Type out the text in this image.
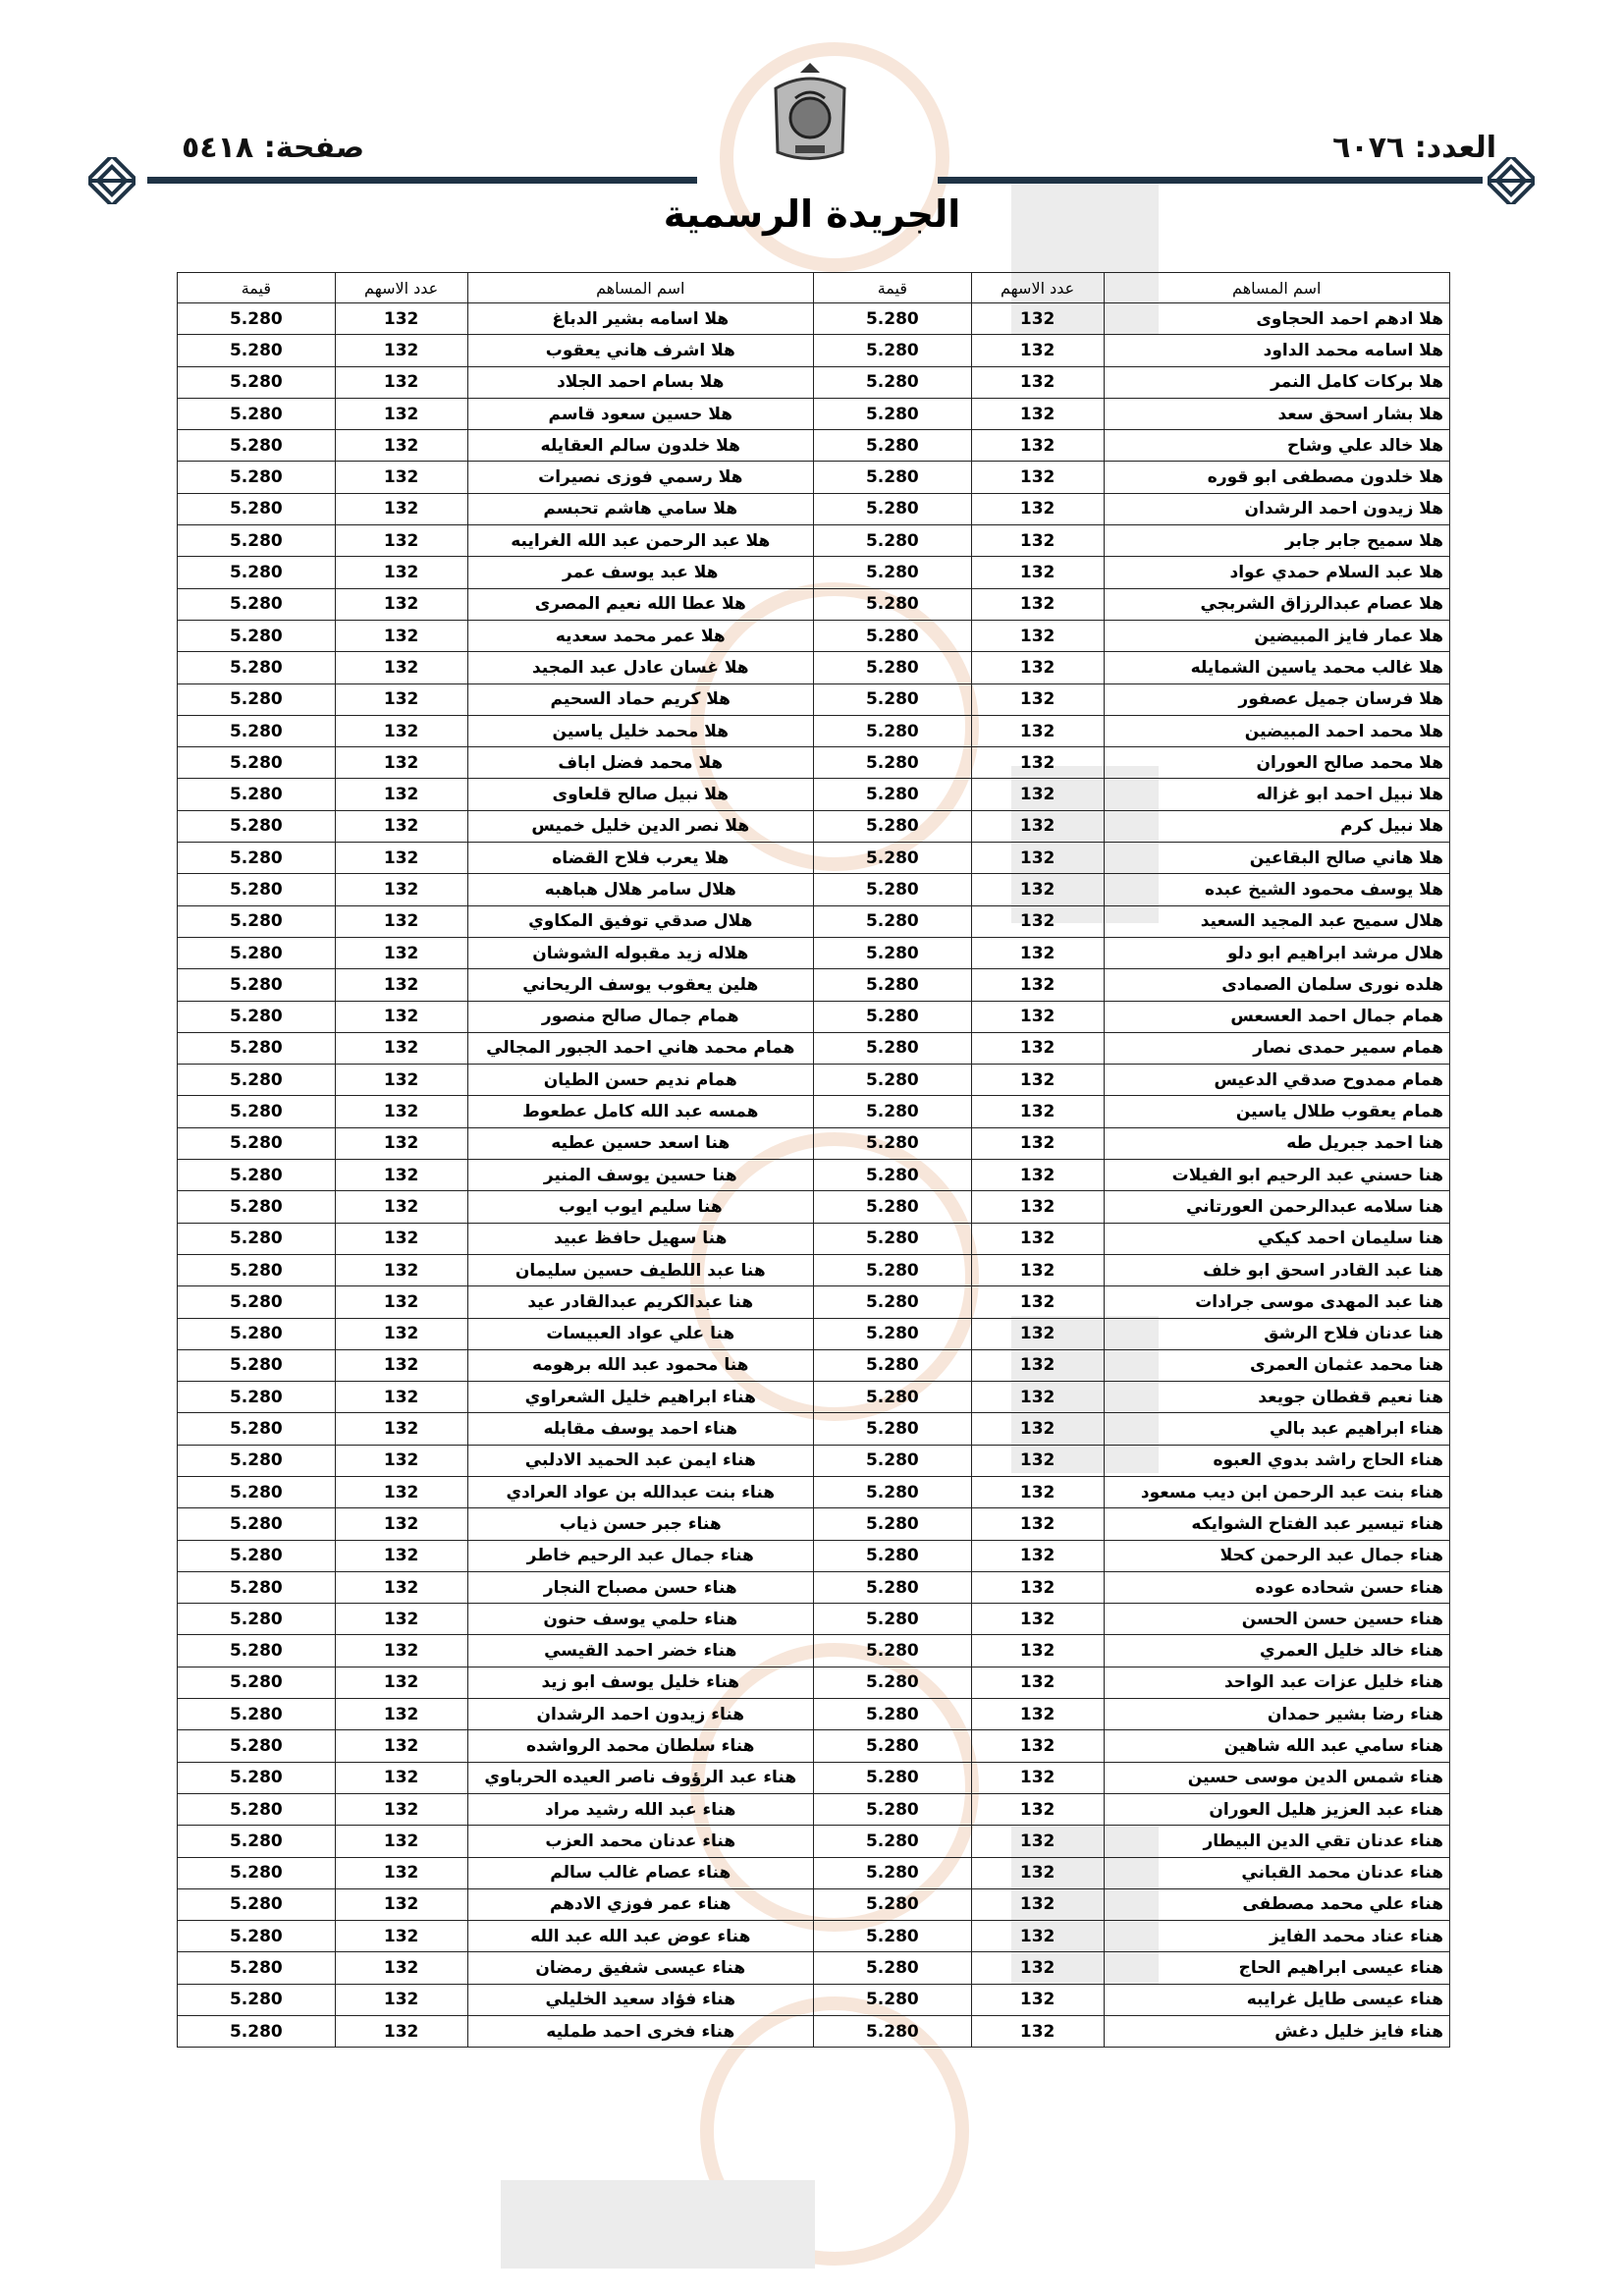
العدد: ٦٠٧٦
صفحة: ٥٤١٨
الجريدة الرسمية
اسم المساهم	عدد الاسهم	قيمة	اسم المساهم	عدد الاسهم	قيمة
هلا ادهم احمد الحجاوى	132	5.280	هلا اسامه بشير الدباغ	132	5.280
هلا اسامه محمد الداود	132	5.280	هلا اشرف هاني يعقوب	132	5.280
هلا بركات كامل النمر	132	5.280	هلا بسام احمد الجلاد	132	5.280
هلا بشار اسحق سعد	132	5.280	هلا حسين سعود قاسم	132	5.280
هلا خالد علي وشاح	132	5.280	هلا خلدون سالم العقايله	132	5.280
هلا خلدون مصطفى ابو قوره	132	5.280	هلا رسمي فوزى نصيرات	132	5.280
هلا زيدون احمد الرشدان	132	5.280	هلا سامي هاشم تحبسم	132	5.280
هلا سميح جابر جابر	132	5.280	هلا عبد الرحمن عبد الله الغرايبه	132	5.280
هلا عبد السلام حمدي عواد	132	5.280	هلا عبد يوسف عمر	132	5.280
هلا عصام عبدالرزاق الشربجي	132	5.280	هلا عطا الله نعيم المصرى	132	5.280
هلا عمار فايز المبيضين	132	5.280	هلا عمر محمد سعديه	132	5.280
هلا غالب محمد ياسين الشمايله	132	5.280	هلا غسان عادل عبد المجيد	132	5.280
هلا فرسان جميل عصفور	132	5.280	هلا كريم حماد السحيم	132	5.280
هلا محمد احمد المبيضين	132	5.280	هلا محمد خليل ياسين	132	5.280
هلا محمد صالح العوران	132	5.280	هلا محمد فضل اباف	132	5.280
هلا نبيل احمد ابو غزاله	132	5.280	هلا نبيل صالح قلعاوى	132	5.280
هلا نبيل كرم	132	5.280	هلا نصر الدين خليل خميس	132	5.280
هلا هاني صالح البقاعين	132	5.280	هلا يعرب فلاح القضاه	132	5.280
هلا يوسف محمود الشيخ عبده	132	5.280	هلال سامر هلال هباهبه	132	5.280
هلال سميح عبد المجيد السعيد	132	5.280	هلال صدقي توفيق المكاوي	132	5.280
هلال مرشد ابراهيم ابو دلو	132	5.280	هلاله زيد مقبوله الشوشان	132	5.280
هلده نورى سلمان الصمادى	132	5.280	هلين يعقوب يوسف الريحاني	132	5.280
همام جمال احمد العسعس	132	5.280	همام جمال صالح منصور	132	5.280
همام سمير حمدى نصار	132	5.280	همام محمد هاني احمد الجبور المجالي	132	5.280
همام ممدوح صدقي الدعيس	132	5.280	همام نديم حسن الطيان	132	5.280
همام يعقوب طلال ياسين	132	5.280	همسه عبد الله كامل عطعوط	132	5.280
هنا احمد جبريل طه	132	5.280	هنا اسعد حسين عطيه	132	5.280
هنا حسني عبد الرحيم ابو الفيلات	132	5.280	هنا حسين يوسف المنير	132	5.280
هنا سلامه عبدالرحمن العورتاني	132	5.280	هنا سليم ايوب ايوب	132	5.280
هنا سليمان احمد كيكي	132	5.280	هنا سهيل حافظ عبيد	132	5.280
هنا عبد القادر اسحق ابو خلف	132	5.280	هنا عبد اللطيف حسين سليمان	132	5.280
هنا عبد المهدى موسى جرادات	132	5.280	هنا عبدالكريم عبدالقادر عيد	132	5.280
هنا عدنان فلاح الرشق	132	5.280	هنا علي عواد العبيسات	132	5.280
هنا محمد عثمان العمرى	132	5.280	هنا محمود عبد الله برهومه	132	5.280
هنا نعيم قفطان جويعد	132	5.280	هناء ابراهيم خليل الشعراوي	132	5.280
هناء ابراهيم عبد بالي	132	5.280	هناء احمد يوسف مقابله	132	5.280
هناء الحاج راشد بدوي العبوه	132	5.280	هناء ايمن عبد الحميد الادلبي	132	5.280
هناء بنت عبد الرحمن ابن ديب مسعود	132	5.280	هناء بنت عبدالله بن عواد العرادي	132	5.280
هناء تيسير عبد الفتاح الشوايكه	132	5.280	هناء جبر حسن ذياب	132	5.280
هناء جمال عبد الرحمن كحلا	132	5.280	هناء جمال عبد الرحيم خاطر	132	5.280
هناء حسن شحاده عوده	132	5.280	هناء حسن مصباح النجار	132	5.280
هناء حسين حسن الحسن	132	5.280	هناء حلمي يوسف حنون	132	5.280
هناء خالد خليل العمري	132	5.280	هناء خضر احمد القيسي	132	5.280
هناء خليل عزات عبد الواحد	132	5.280	هناء خليل يوسف ابو زيد	132	5.280
هناء رضا بشير حمدان	132	5.280	هناء زيدون احمد الرشدان	132	5.280
هناء سامي عبد الله شاهين	132	5.280	هناء سلطان محمد الرواشده	132	5.280
هناء شمس الدين موسى حسين	132	5.280	هناء عبد الرؤوف ناصر العيده الحرباوي	132	5.280
هناء عبد العزيز هليل العوران	132	5.280	هناء عبد الله رشيد مراد	132	5.280
هناء عدنان تقي الدين البيطار	132	5.280	هناء عدنان محمد العزب	132	5.280
هناء عدنان محمد القباني	132	5.280	هناء عصام غالب سالم	132	5.280
هناء علي محمد مصطفى	132	5.280	هناء عمر فوزي الادهم	132	5.280
هناء عناد محمد الفايز	132	5.280	هناء عوض عبد الله عبد الله	132	5.280
هناء عيسى ابراهيم الحاج	132	5.280	هناء عيسى شفيق رمضان	132	5.280
هناء عيسى طايل غرايبه	132	5.280	هناء فؤاد سعيد الخليلي	132	5.280
هناء فايز خليل دغش	132	5.280	هناء فخرى احمد طمليه	132	5.280
